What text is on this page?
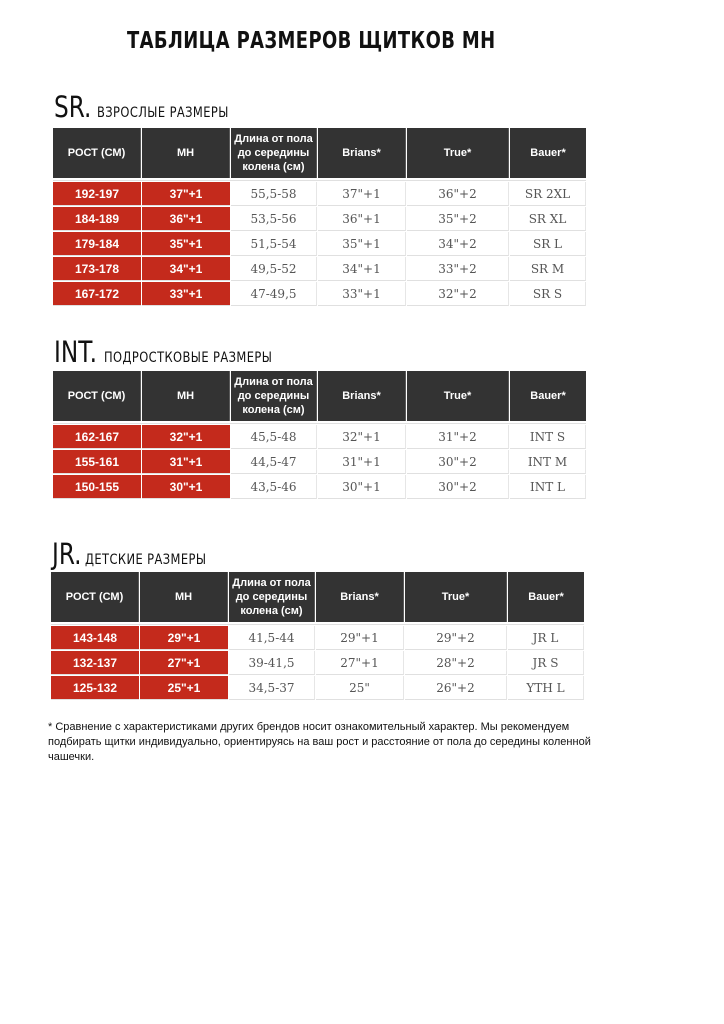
ТАБЛИЦА РАЗМЕРОВ ЩИТКОВ МН
SR. ВЗРОСЛЫЕ РАЗМЕРЫ
РОСТ (СМ)	МН	Длина от пола до середины колена (см)	Brians*	True*	Bauer*

192-197	37"+1	55,5-58	37"+1	36"+2	SR 2XL
184-189	36"+1	53,5-56	36"+1	35"+2	SR XL
179-184	35"+1	51,5-54	35"+1	34"+2	SR L
173-178	34"+1	49,5-52	34"+1	33"+2	SR M
167-172	33"+1	47-49,5	33"+1	32"+2	SR S
INT. ПОДРОСТКОВЫЕ РАЗМЕРЫ
РОСТ (СМ)	МН	Длина от пола до середины колена (см)	Brians*	True*	Bauer*

162-167	32"+1	45,5-48	32"+1	31"+2	INT S
155-161	31"+1	44,5-47	31"+1	30"+2	INT M
150-155	30"+1	43,5-46	30"+1	30"+2	INT L
JR. ДЕТСКИЕ РАЗМЕРЫ
РОСТ (СМ)	МН	Длина от пола до середины колена (см)	Brians*	True*	Bauer*

143-148	29"+1	41,5-44	29"+1	29"+2	JR L
132-137	27"+1	39-41,5	27"+1	28"+2	JR S
125-132	25"+1	34,5-37	25"	26"+2	YTH L
* Сравнение с характеристиками других брендов носит ознакомительный характер. Мы рекомендуем подбирать щитки индивидуально, ориентируясь на ваш рост и расстояние от пола до середины коленной чашечки.
